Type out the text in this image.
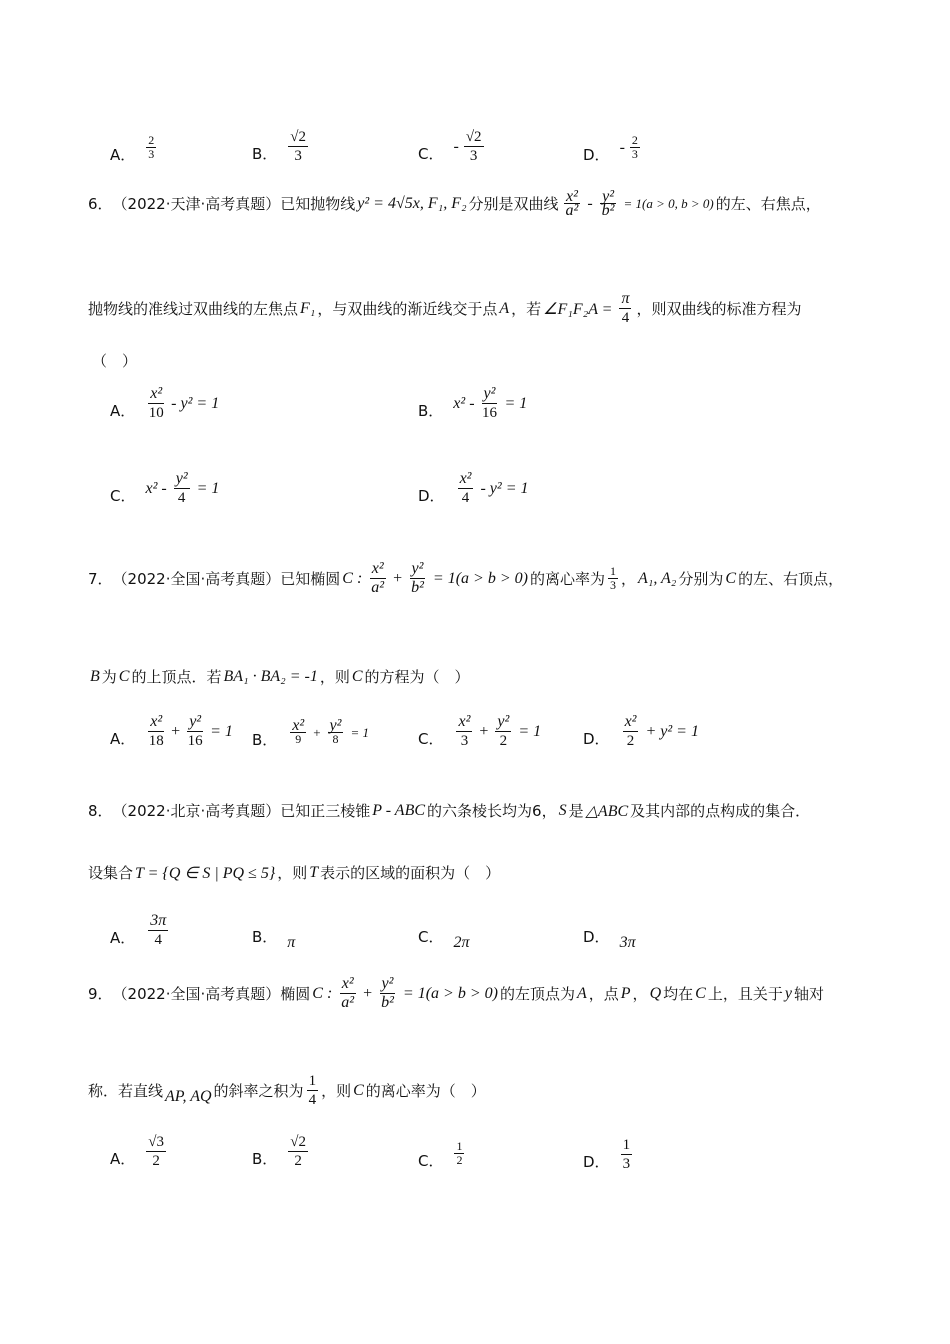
A． $\frac{2}{3}$	B． $\frac{√2}{3}$	C． - $\frac{√2}{3}$	D． - $\frac{2}{3}$
6． （2022·天津·高考真题） 已知抛物线 y² = 4√5x, F₁, F₂ 分别是双曲线 $\frac{\text{x²}}{\text{a²}} - \frac{\text{y²}}{\text{b²}} = 1(a > 0$, b > 0) 的左、右焦点，
抛物线的准线过双曲线的左焦点 F₁ ，与双曲线的渐近线交于点 A ，若 ∠F₁F₂A = $\frac{\pi}{4}$ ，则双曲线的标准方程为
（　）
A． $\frac{\text{x²}}{10} - y^2 = 1$	B． $x^2 - \frac{\text{y²}}{16} = 1$
C． $x^2 - \frac{\text{y²}}{4} = 1$	D． $\frac{\text{x²}}{4} - y^2 = 1$
7． （2022·全国·高考真题） 已知椭圆 C : $\frac{\text{x²}}{\text{a²}} + \frac{\text{y²}}{\text{b²}} = 1(a > b > 0)$ 的离心率为 $\frac{1}{3}$ ， A₁, A₂ 分别为 C 的左、右顶点，
B 为 C 的上顶点．若 BA₁ · BA₂ = -1 ，则 C 的方程为（　）
A． $\frac{\text{x²}}{18} + \frac{\text{y²}}{16} = 1$ B． $\frac{\text{x²}}{9} + \frac{\text{y²}}{8} = 1$	C． $\frac{\text{x²}}{3} + \frac{\text{y²}}{2} = 1$	D． $\frac{\text{x²}}{2} + y^2 = 1$
8． （2022·北京·高考真题） 已知正三棱锥 P - ABC 的六条棱长均为 6 ， S 是 △ABC 及其内部的点构成的集合．
设集合 T = {Q ∈ S | PQ ≤ 5} ，则 T 表示的区域的面积为（　）
A． $\frac{3\pi}{4}$	B． π	C． 2π	D． 3π
9． （2022·全国·高考真题） 椭圆 C : $\frac{\text{x²}}{\text{a²}} + \frac{\text{y²}}{\text{b²}} = 1(a > b > 0)$ 的左顶点为 A ，点 P ， Q 均在 C 上，且关于 y 轴对
称．若直线 AP, AQ 的斜率之积为 $\frac{1}{4}$ ，则 C 的离心率为（　）
A． $\frac{√3}{2}$	B． $\frac{√2}{2}$	C． $\frac{1}{2}$	D． $\frac{1}{3}$
